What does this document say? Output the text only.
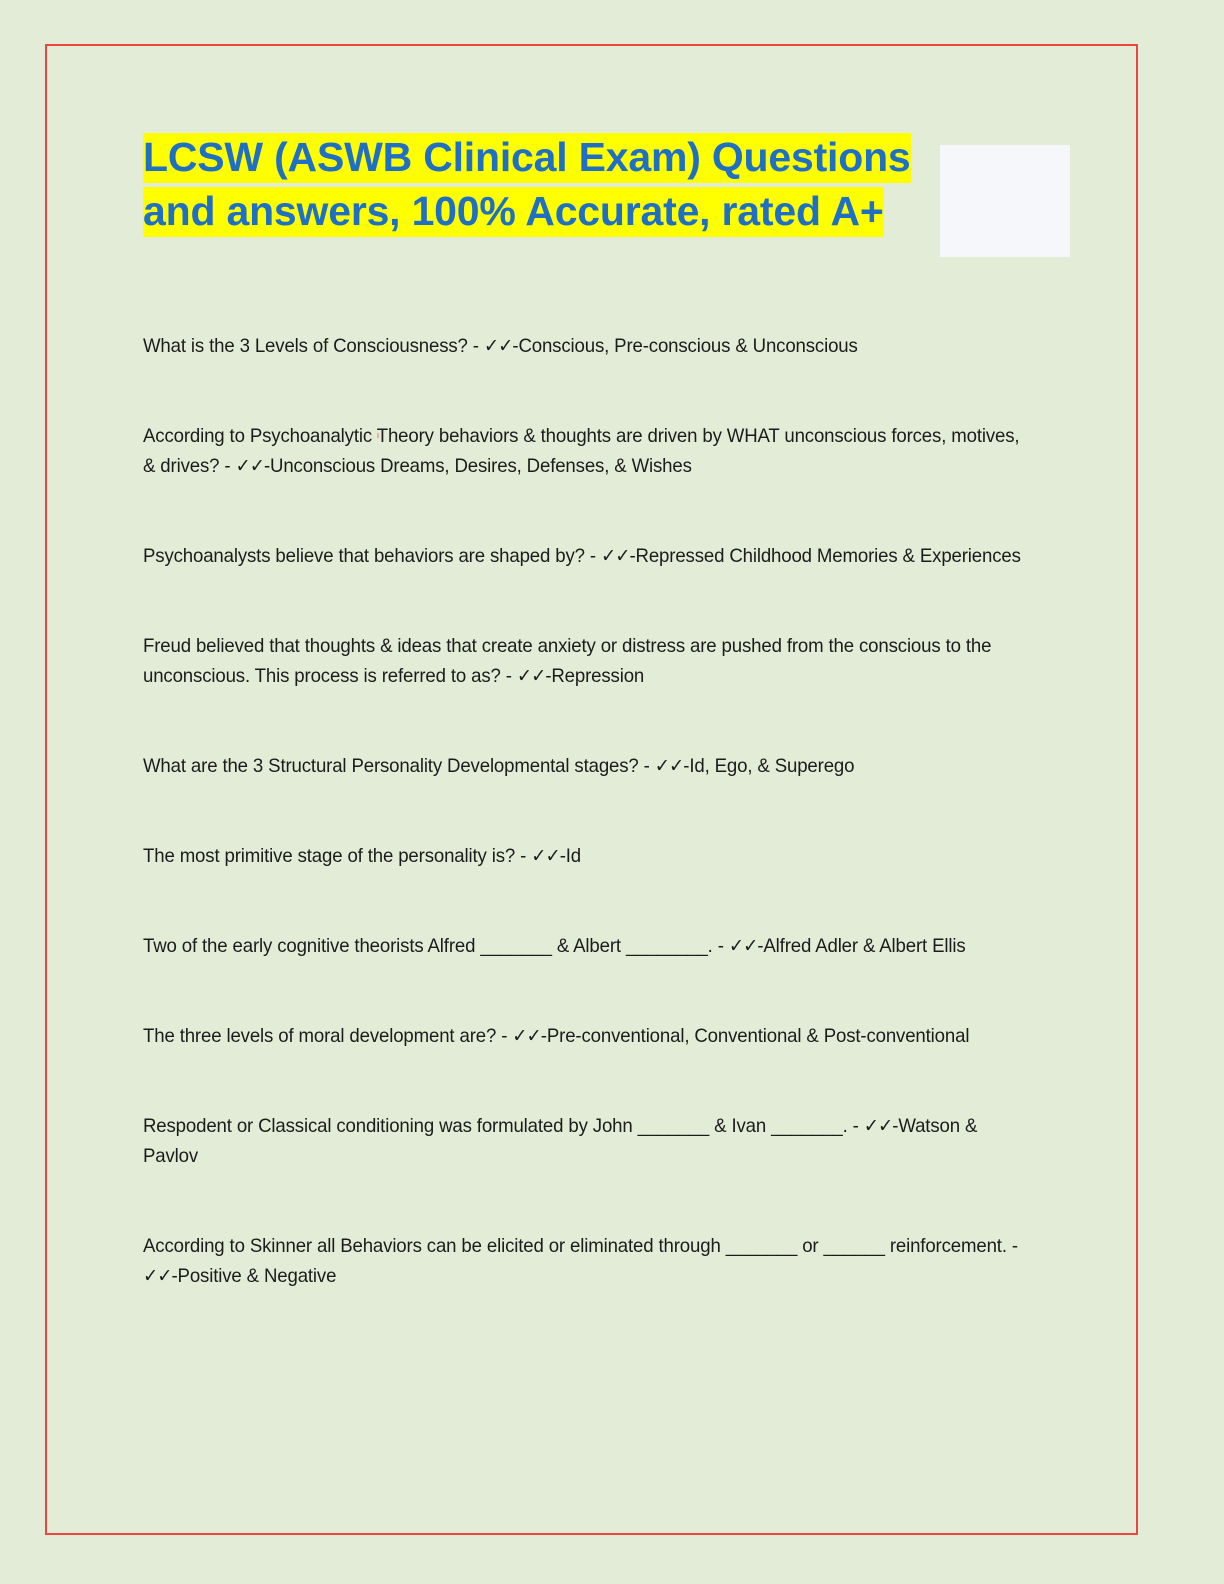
LCSW (ASWB Clinical Exam) Questions
and answers, 100% Accurate, rated A+
What is the 3 Levels of Consciousness? - ✓✓-Conscious, Pre-conscious & Unconscious
According to Psychoanalytic Theory behaviors & thoughts are driven by WHAT unconscious forces, motives, & drives? - ✓✓-Unconscious Dreams, Desires, Defenses, & Wishes
Psychoanalysts believe that behaviors are shaped by? - ✓✓-Repressed Childhood Memories & Experiences
Freud believed that thoughts & ideas that create anxiety or distress are pushed from the conscious to the unconscious. This process is referred to as? - ✓✓-Repression
What are the 3 Structural Personality Developmental stages? - ✓✓-Id, Ego, & Superego
The most primitive stage of the personality is? - ✓✓-Id
Two of the early cognitive theorists Alfred _______ & Albert ________. - ✓✓-Alfred Adler & Albert Ellis
The three levels of moral development are? - ✓✓-Pre-conventional, Conventional & Post-conventional
Respodent or Classical conditioning was formulated by John _______ & Ivan _______. - ✓✓-Watson & Pavlov
According to Skinner all Behaviors can be elicited or eliminated through _______ or ______ reinforcement. - ✓✓-Positive & Negative
